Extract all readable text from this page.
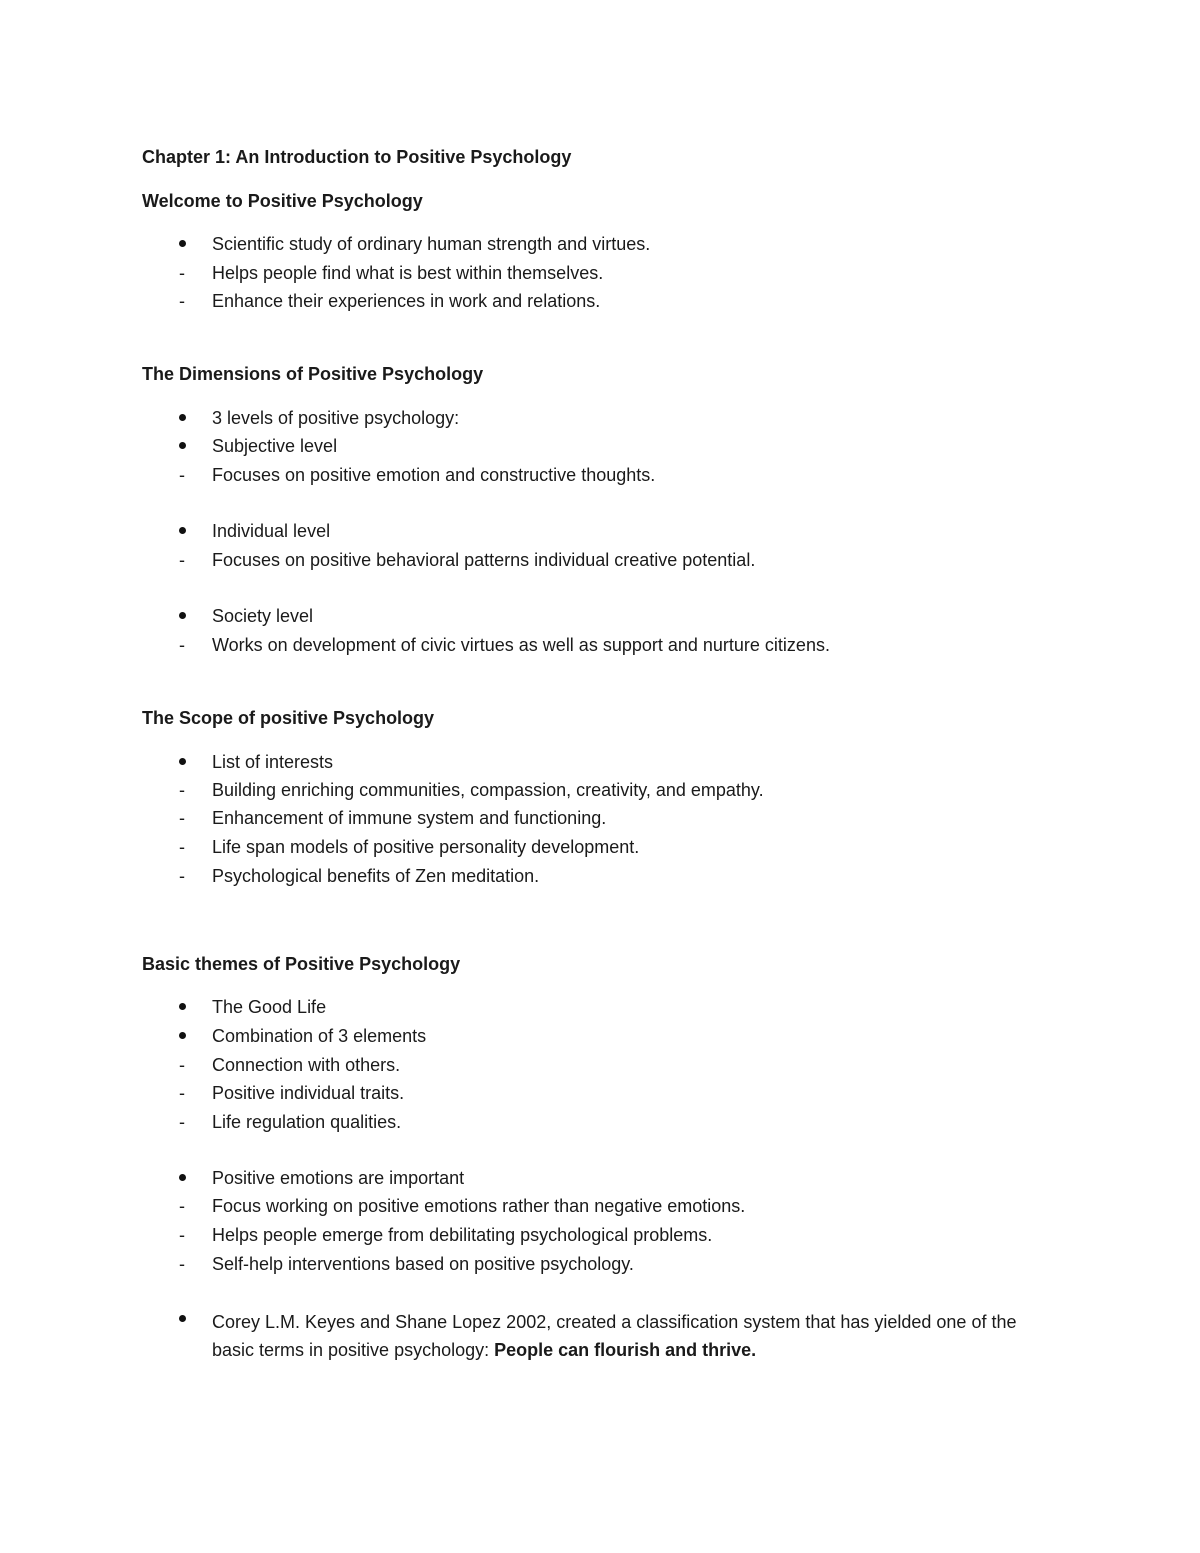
Chapter 1: An Introduction to Positive Psychology
Welcome to Positive Psychology
Scientific study of ordinary human strength and virtues.
-	Helps people find what is best within themselves.
-	Enhance their experiences in work and relations.
The Dimensions of Positive Psychology
3 levels of positive psychology:
Subjective level
-	Focuses on positive emotion and constructive thoughts.
Individual level
-	Focuses on positive behavioral patterns individual creative potential.
Society level
-	Works on development of civic virtues as well as support and nurture citizens.
The Scope of positive Psychology
List of interests
-	Building enriching communities, compassion, creativity, and empathy.
-	Enhancement of immune system and functioning.
-	Life span models of positive personality development.
-	Psychological benefits of Zen meditation.
Basic themes of Positive Psychology
The Good Life
Combination of 3 elements
-	Connection with others.
-	Positive individual traits.
-	Life regulation qualities.
Positive emotions are important
-	Focus working on positive emotions rather than negative emotions.
-	Helps people emerge from debilitating psychological problems.
-	Self-help interventions based on positive psychology.
Corey L.M. Keyes and Shane Lopez 2002, created a classification system that has yielded one of the basic terms in positive psychology: People can flourish and thrive.
